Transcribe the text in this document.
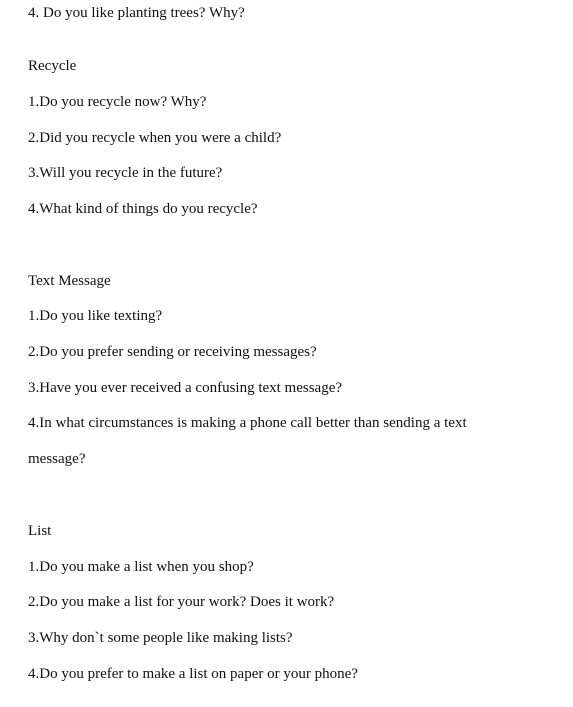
4. Do you like planting trees? Why?
Recycle
1.Do you recycle now? Why?
2.Did you recycle when you were a child?
3.Will you recycle in the future?
4.What kind of things do you recycle?
Text Message
1.Do you like texting?
2.Do you prefer sending or receiving messages?
3.Have you ever received a confusing text message?
4.In what circumstances is making a phone call better than sending a text message?
List
1.Do you make a list when you shop?
2.Do you make a list for your work? Does it work?
3.Why don`t some people like making lists?
4.Do you prefer to make a list on paper or your phone?
